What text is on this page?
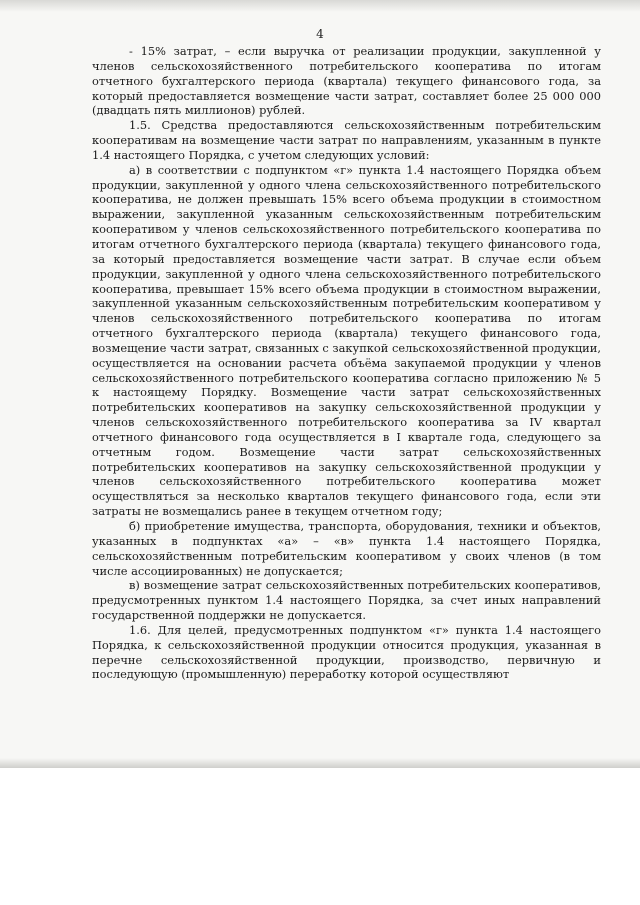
4

- 15% затрат, – если выручка от реализации продукции, закупленной у членов сельскохозяйственного потребительского кооператива по итогам отчетного бухгалтерского периода (квартала) текущего финансового года, за который предоставляется возмещение части затрат, составляет более 25 000 000 (двадцать пять миллионов) рублей.

1.5. Средства предоставляются сельскохозяйственным потребительским кооперативам на возмещение части затрат по направлениям, указанным в пункте 1.4 настоящего Порядка, с учетом следующих условий:

а) в соответствии с подпунктом «г» пункта 1.4 настоящего Порядка объем продукции, закупленной у одного члена сельскохозяйственного потребительского кооператива, не должен превышать 15% всего объема продукции в стоимостном выражении, закупленной указанным сельскохозяйственным потребительским кооперативом у членов сельскохозяйственного потребительского кооператива по итогам отчетного бухгалтерского периода (квартала) текущего финансового года, за который предоставляется возмещение части затрат. В случае если объем продукции, закупленной у одного члена сельскохозяйственного потребительского кооператива, превышает 15% всего объема продукции в стоимостном выражении, закупленной указанным сельскохозяйственным потребительским кооперативом у членов сельскохозяйственного потребительского кооператива по итогам отчетного бухгалтерского периода (квартала) текущего финансового года, возмещение части затрат, связанных с закупкой сельскохозяйственной продукции, осуществляется на основании расчета объёма закупаемой продукции у членов сельскохозяйственного потребительского кооператива согласно приложению № 5 к настоящему Порядку. Возмещение части затрат сельскохозяйственных потребительских кооперативов на закупку сельскохозяйственной продукции у членов сельскохозяйственного потребительского кооператива за IV квартал отчетного финансового года осуществляется в I квартале года, следующего за отчетным годом. Возмещение части затрат сельскохозяйственных потребительских кооперативов на закупку сельскохозяйственной продукции у членов сельскохозяйственного потребительского кооператива может осуществляться за несколько кварталов текущего финансового года, если эти затраты не возмещались ранее в текущем отчетном году;

б) приобретение имущества, транспорта, оборудования, техники и объектов, указанных в подпунктах «а» – «в» пункта 1.4 настоящего Порядка, сельскохозяйственным потребительским кооперативом у своих членов (в том числе ассоциированных) не допускается;

в) возмещение затрат сельскохозяйственных потребительских кооперативов, предусмотренных пунктом 1.4 настоящего Порядка, за счет иных направлений государственной поддержки не допускается.

1.6. Для целей, предусмотренных подпунктом «г» пункта 1.4 настоящего Порядка, к сельскохозяйственной продукции относится продукция, указанная в перечне сельскохозяйственной продукции, производство, первичную и последующую (промышленную) переработку которой осуществляют
